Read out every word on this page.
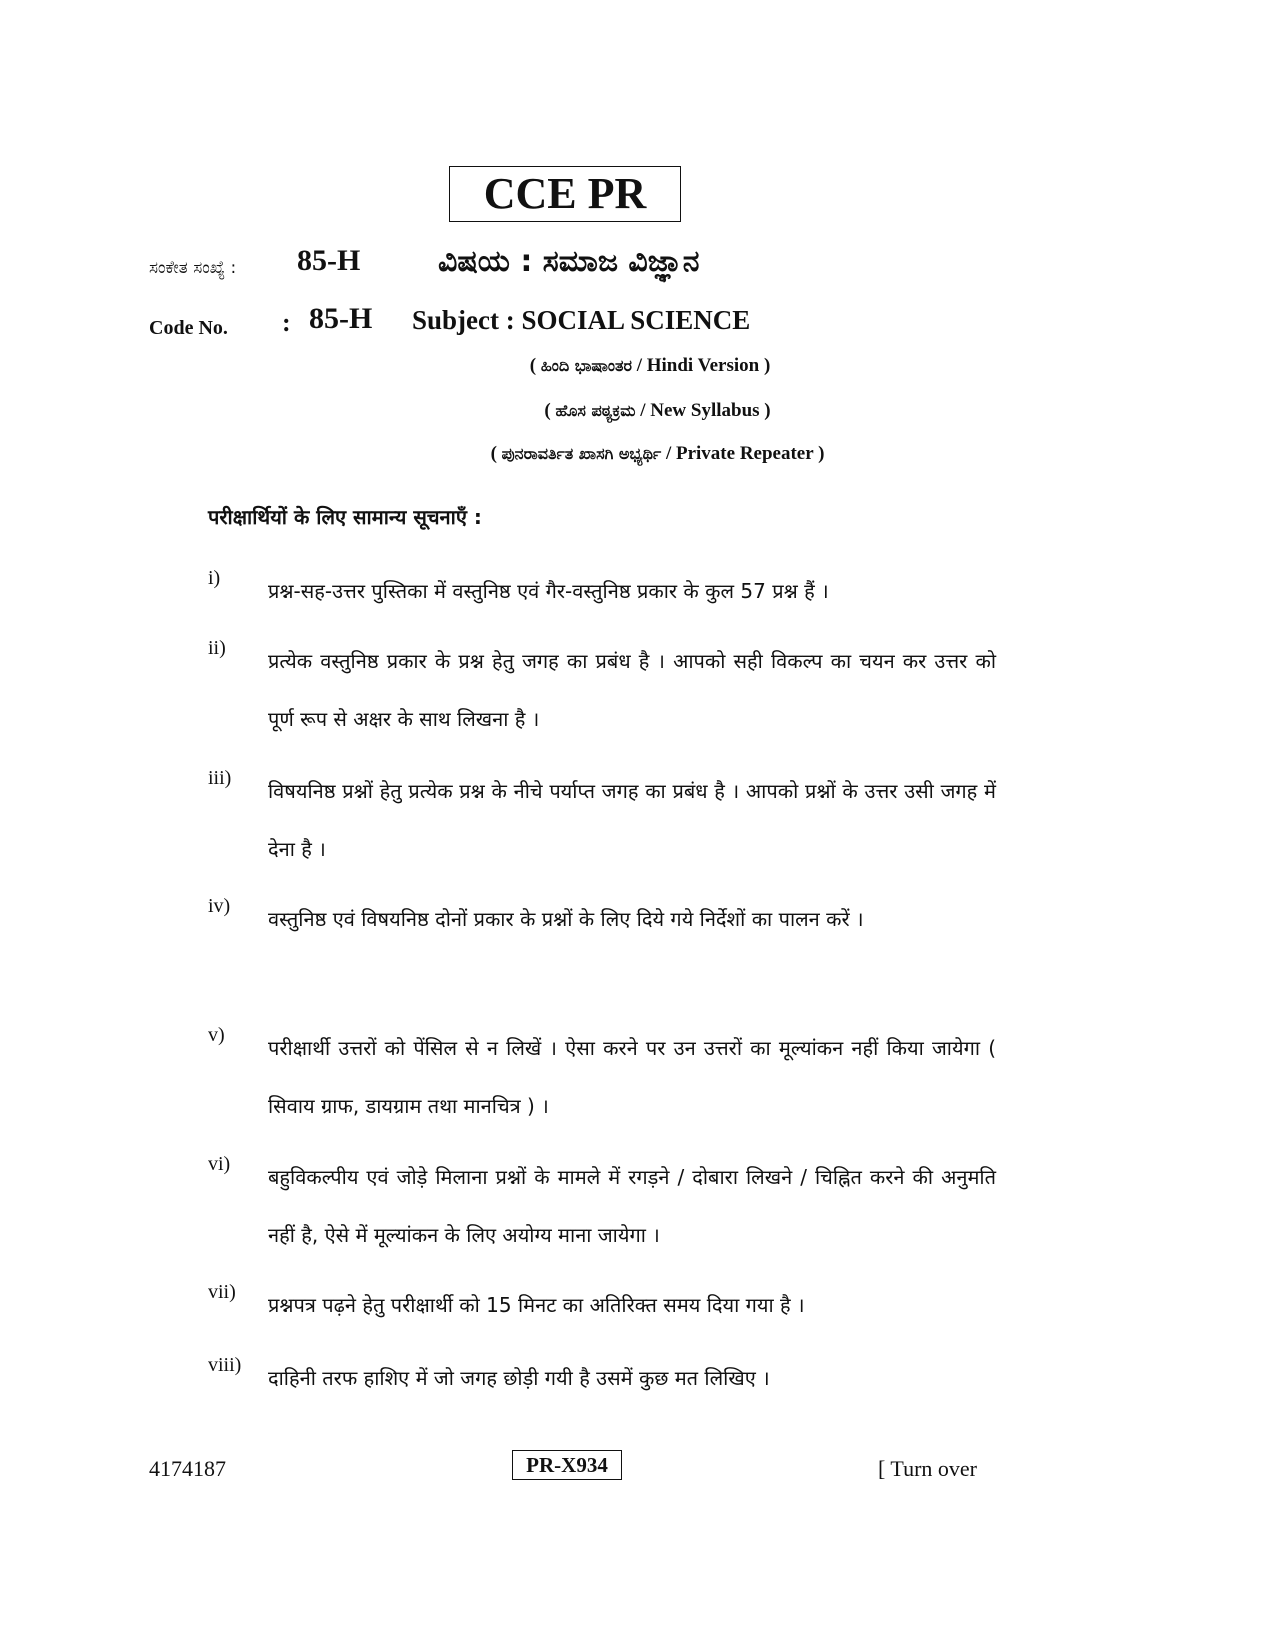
CCE PR
ಸಂಕೇತ ಸಂಖ್ಯೆ : 85-H	ವಿಷಯ : ಸಮಾಜ ವಿಜ್ಞಾನ
Code No. : 85-H Subject : SOCIAL SCIENCE
( ಹಿಂದಿ ಭಾಷಾಂತರ / Hindi Version )
( ಹೊಸ ಪಠ್ಯಕ್ರಮ / New Syllabus )
( ಪುನರಾವರ್ತಿತ ಖಾಸಗಿ ಅಭ್ಯರ್ಥಿ / Private Repeater )
परीक्षार्थियों के लिए सामान्य सूचनाएँ :
i)
प्रश्न-सह-उत्तर पुस्तिका में वस्तुनिष्ठ एवं गैर-वस्तुनिष्ठ प्रकार के कुल 57 प्रश्न हैं ।
ii)
प्रत्येक वस्तुनिष्ठ प्रकार के प्रश्न हेतु जगह का प्रबंध है । आपको सही विकल्प का चयन कर उत्तर को पूर्ण रूप से अक्षर के साथ लिखना है ।
iii)
विषयनिष्ठ प्रश्नों हेतु प्रत्येक प्रश्न के नीचे पर्याप्त जगह का प्रबंध है । आपको प्रश्नों के उत्तर उसी जगह में देना है ।
iv)
वस्तुनिष्ठ एवं विषयनिष्ठ दोनों प्रकार के प्रश्नों के लिए दिये गये निर्देशों का पालन करें ।
v)
परीक्षार्थी उत्तरों को पेंसिल से न लिखें । ऐसा करने पर उन उत्तरों का मूल्यांकन नहीं किया जायेगा ( सिवाय ग्राफ, डायग्राम तथा मानचित्र ) ।
vi)
बहुविकल्पीय एवं जोड़े मिलाना प्रश्नों के मामले में रगड़ने / दोबारा लिखने / चिह्नित करने की अनुमति नहीं है, ऐसे में मूल्यांकन के लिए अयोग्य माना जायेगा ।
vii)
प्रश्नपत्र पढ़ने हेतु परीक्षार्थी को 15 मिनट का अतिरिक्त समय दिया गया है ।
viii)
दाहिनी तरफ हाशिए में जो जगह छोड़ी गयी है उसमें कुछ मत लिखिए ।
4174187	PR-X934	[ Turn over
